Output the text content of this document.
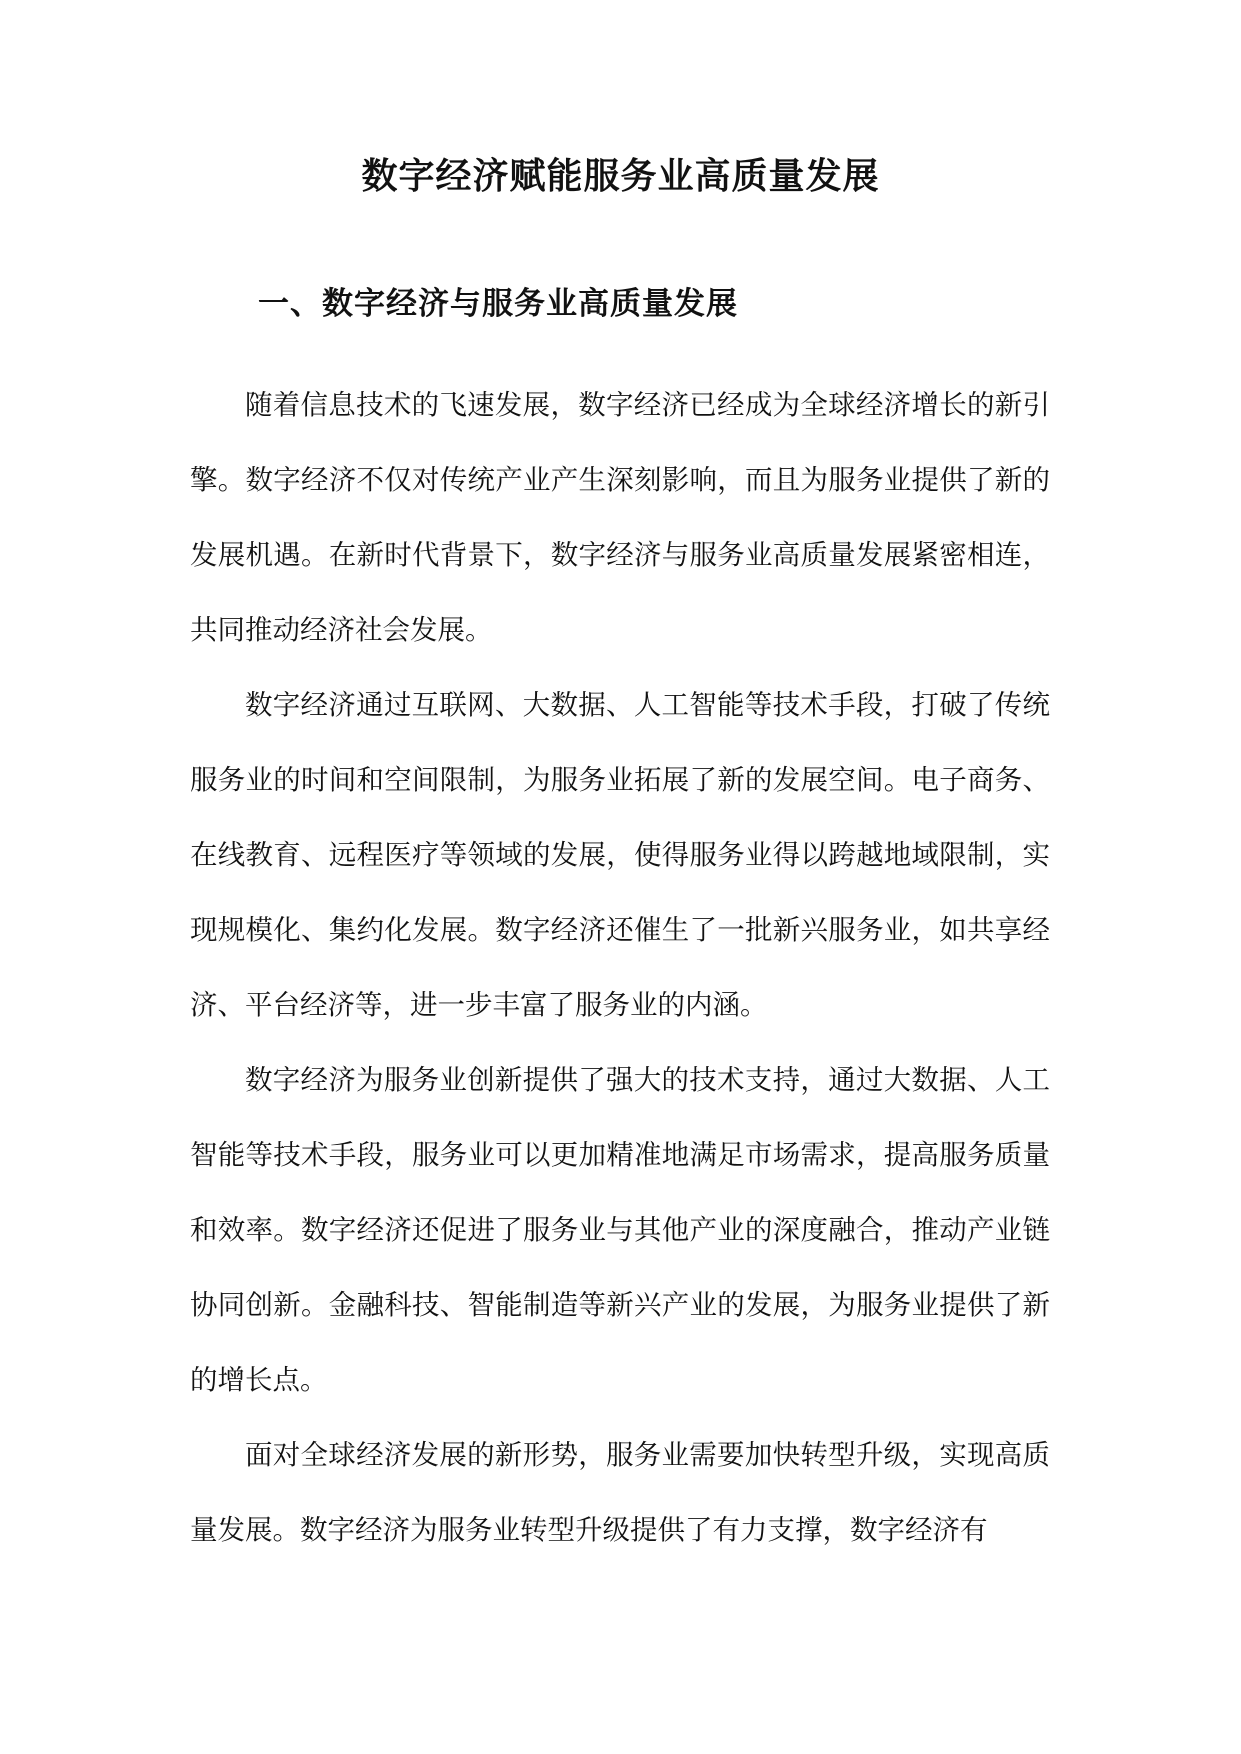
数字经济赋能服务业高质量发展
一、数字经济与服务业高质量发展

随着信息技术的飞速发展，数字经济已经成为全球经济增长的新引擎。数字经济不仅对传统产业产生深刻影响，而且为服务业提供了新的发展机遇。在新时代背景下，数字经济与服务业高质量发展紧密相连，共同推动经济社会发展。

数字经济通过互联网、大数据、人工智能等技术手段，打破了传统服务业的时间和空间限制，为服务业拓展了新的发展空间。电子商务、在线教育、远程医疗等领域的发展，使得服务业得以跨越地域限制，实现规模化、集约化发展。数字经济还催生了一批新兴服务业，如共享经济、平台经济等，进一步丰富了服务业的内涵。

数字经济为服务业创新提供了强大的技术支持，通过大数据、人工智能等技术手段，服务业可以更加精准地满足市场需求，提高服务质量和效率。数字经济还促进了服务业与其他产业的深度融合，推动产业链协同创新。金融科技、智能制造等新兴产业的发展，为服务业提供了新的增长点。

面对全球经济发展的新形势，服务业需要加快转型升级，实现高质量发展。数字经济为服务业转型升级提供了有力支撑，数字经济有
